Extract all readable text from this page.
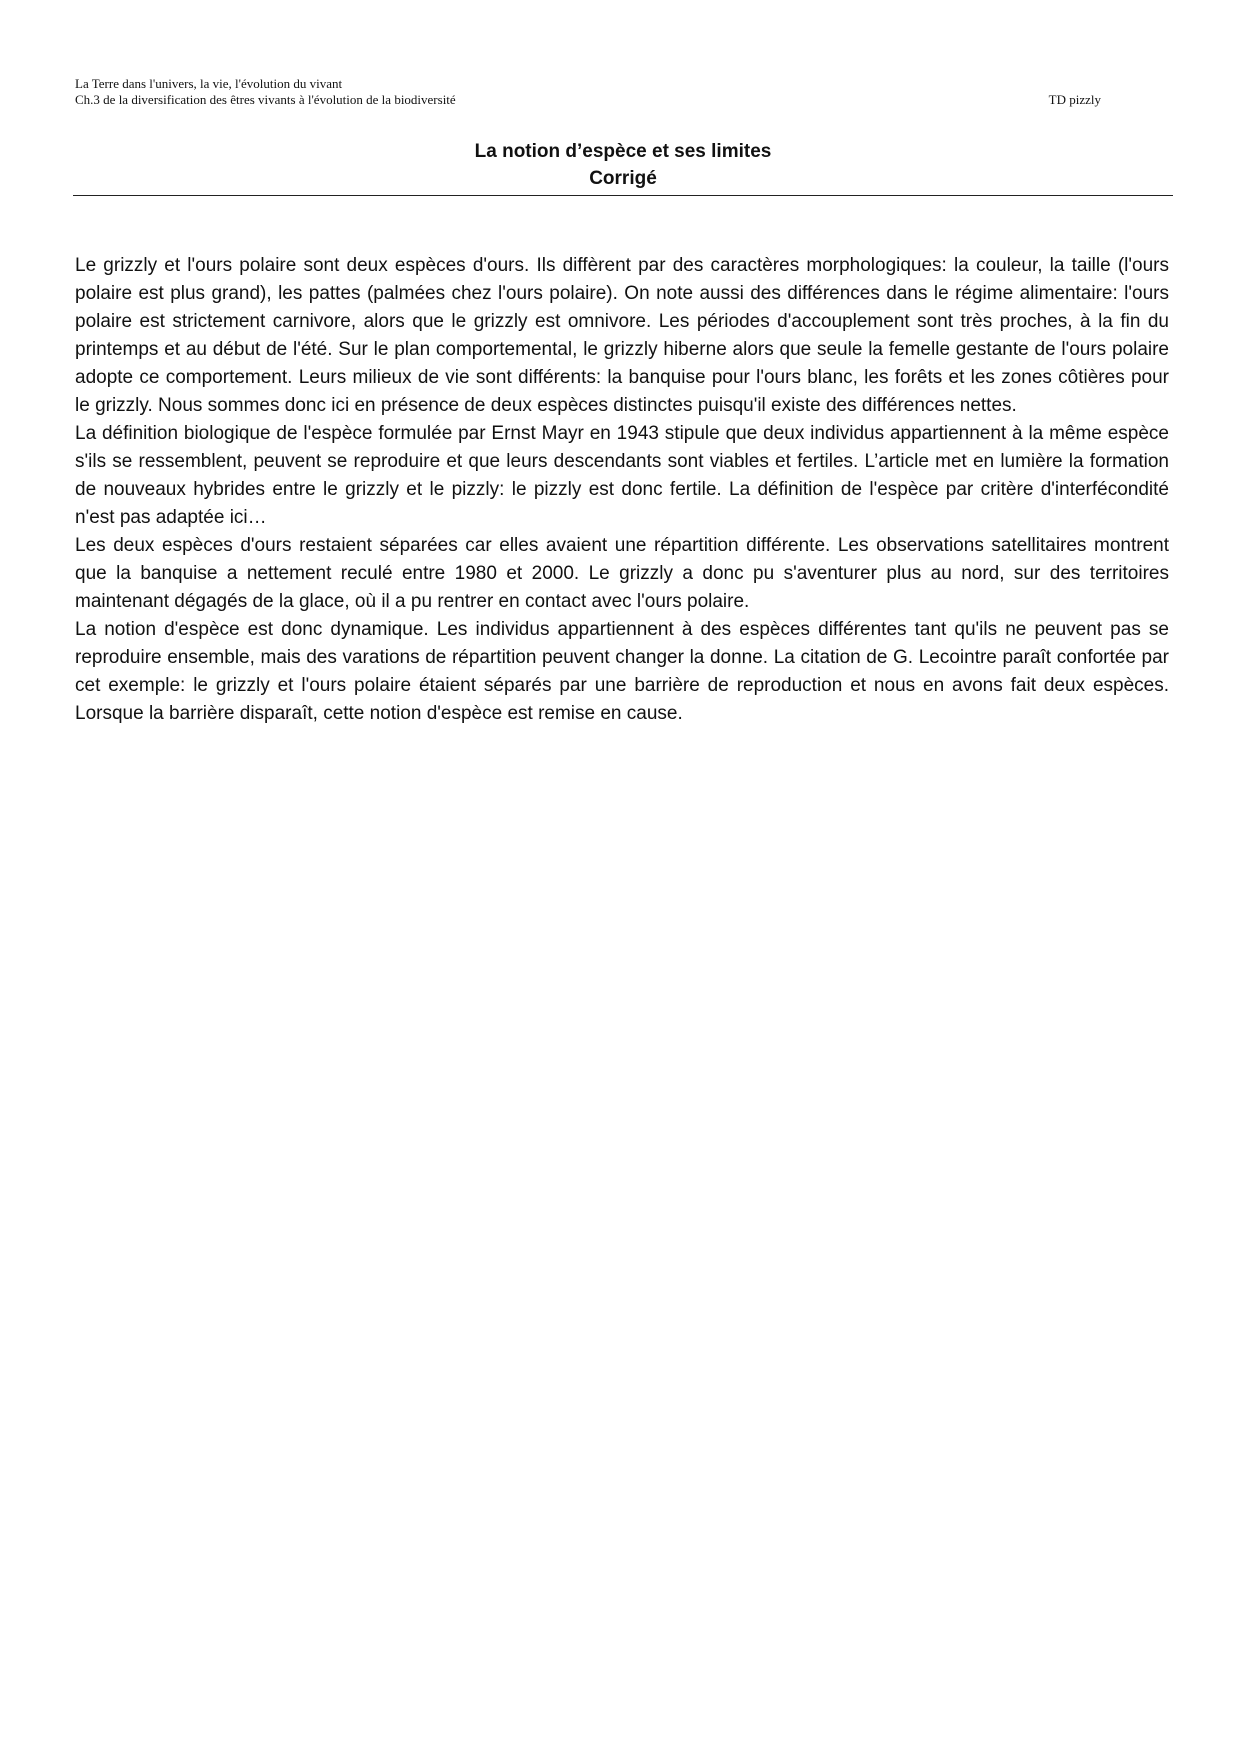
La Terre dans l'univers, la vie, l'évolution du vivant
Ch.3 de la diversification des êtres vivants à l'évolution de la biodiversité	TD pizzly
La notion d’espèce et ses limites
Corrigé

Le grizzly et l'ours polaire sont deux espèces d'ours. Ils diffèrent par des caractères morphologiques: la couleur, la taille (l'ours polaire est plus grand), les pattes (palmées chez l'ours polaire). On note aussi des différences dans le régime alimentaire: l'ours polaire est strictement carnivore, alors que le grizzly est omnivore. Les périodes d'accouplement sont très proches, à la fin du printemps et au début de l'été. Sur le plan comportemental, le grizzly hiberne alors que seule la femelle gestante de l'ours polaire adopte ce comportement. Leurs milieux de vie sont différents: la banquise pour l'ours blanc, les forêts et les zones côtières pour le grizzly. Nous sommes donc ici en présence de deux espèces distinctes puisqu'il existe des différences nettes.

La définition biologique de l'espèce formulée par Ernst Mayr en 1943 stipule que deux individus appartiennent à la même espèce s'ils se ressemblent, peuvent se reproduire et que leurs descendants sont viables et fertiles. L’article met en lumière la formation de nouveaux hybrides entre le grizzly et le pizzly: le pizzly est donc fertile. La définition de l'espèce par critère d'interfécondité n'est pas adaptée ici…

Les deux espèces d'ours restaient séparées car elles avaient une répartition différente. Les observations satellitaires montrent que la banquise a nettement reculé entre 1980 et 2000. Le grizzly a donc pu s'aventurer plus au nord, sur des territoires maintenant dégagés de la glace, où il a pu rentrer en contact avec l'ours polaire.

La notion d'espèce est donc dynamique. Les individus appartiennent à des espèces différentes tant qu'ils ne peuvent pas se reproduire ensemble, mais des varations de répartition peuvent changer la donne. La citation de G. Lecointre paraît confortée par cet exemple: le grizzly et l'ours polaire étaient séparés par une barrière de reproduction et nous en avons fait deux espèces. Lorsque la barrière disparaît, cette notion d'espèce est remise en cause.
